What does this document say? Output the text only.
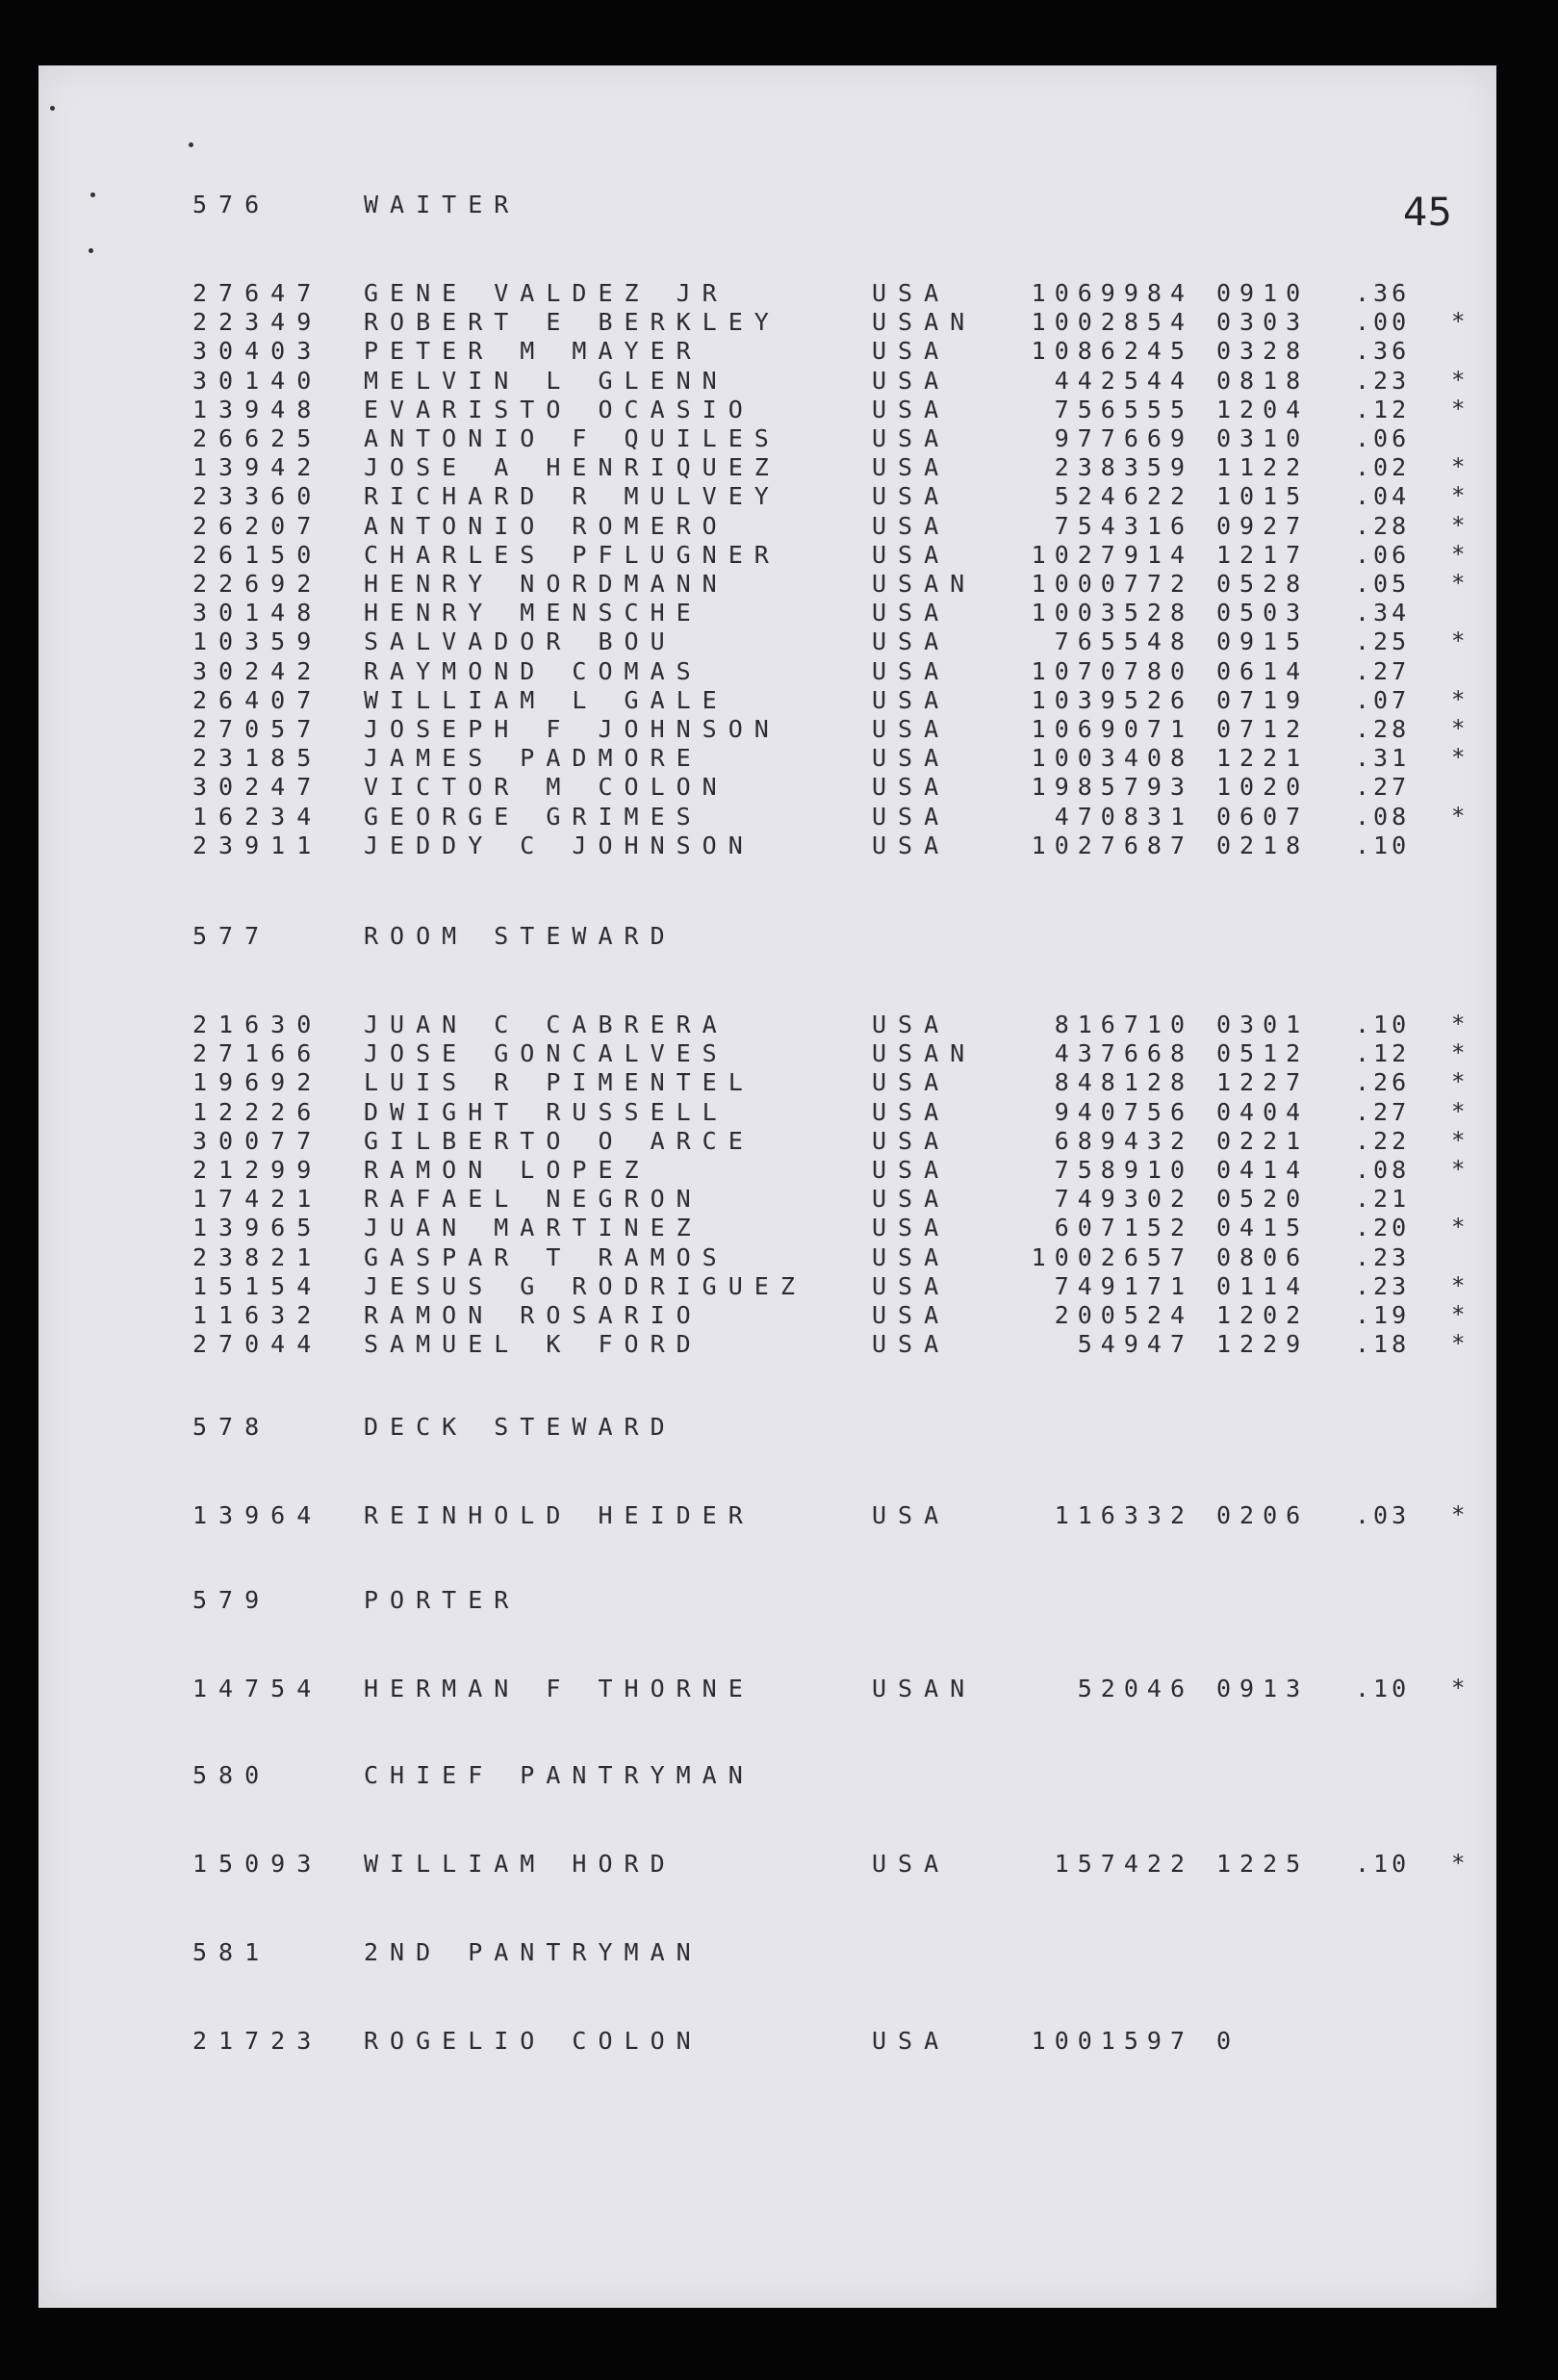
45
576	WAITER
27647 GENE VALDEZ JR	USA	1069984 0910 .36
22349 ROBERT E BERKLEY	USAN	1002854 0303 .00 *
30403 PETER M MAYER	USA	1086245 0328 .36
30140 MELVIN L GLENN	USA	442544 0818 .23 *
13948 EVARISTO OCASIO	USA	756555 1204 .12 *
26625 ANTONIO F QUILES	USA	977669 0310 .06
13942 JOSE A HENRIQUEZ	USA	238359 1122 .02 *
23360 RICHARD R MULVEY	USA	524622 1015 .04 *
26207 ANTONIO ROMERO	USA	754316 0927 .28 *
26150 CHARLES PFLUGNER	USA	1027914 1217 .06 *
22692 HENRY NORDMANN	USAN	1000772 0528 .05 *
30148 HENRY MENSCHE	USA	1003528 0503 .34
10359 SALVADOR BOU	USA	765548 0915 .25 *
30242 RAYMOND COMAS	USA	1070780 0614 .27
26407 WILLIAM L GALE	USA	1039526 0719 .07 *
27057 JOSEPH F JOHNSON	USA	1069071 0712 .28 *
23185 JAMES PADMORE	USA	1003408 1221 .31 *
30247 VICTOR M COLON	USA	1985793 1020 .27
16234 GEORGE GRIMES	USA	470831 0607 .08 *
23911 JEDDY C JOHNSON	USA	1027687 0218 .10
577	ROOM STEWARD
21630 JUAN C CABRERA	USA	816710 0301 .10 *
27166 JOSE GONCALVES	USAN	437668 0512 .12 *
19692 LUIS R PIMENTEL	USA	848128 1227 .26 *
12226 DWIGHT RUSSELL	USA	940756 0404 .27 *
30077 GILBERTO O ARCE	USA	689432 0221 .22 *
21299 RAMON LOPEZ	USA	758910 0414 .08 *
17421 RAFAEL NEGRON	USA	749302 0520 .21
13965 JUAN MARTINEZ	USA	607152 0415 .20 *
23821 GASPAR T RAMOS	USA	1002657 0806 .23
15154 JESUS G RODRIGUEZ	USA	749171 0114 .23 *
11632 RAMON ROSARIO	USA	200524 1202 .19 *
27044 SAMUEL K FORD	USA	54947 1229 .18 *
578	DECK STEWARD
13964 REINHOLD HEIDER	USA	116332 0206 .03 *
579	PORTER
14754 HERMAN F THORNE	USAN	52046 0913 .10 *
580	CHIEF PANTRYMAN
15093 WILLIAM HORD	USA	157422 1225 .10 *
581	2ND PANTRYMAN
21723 ROGELIO COLON	USA	1001597 0
